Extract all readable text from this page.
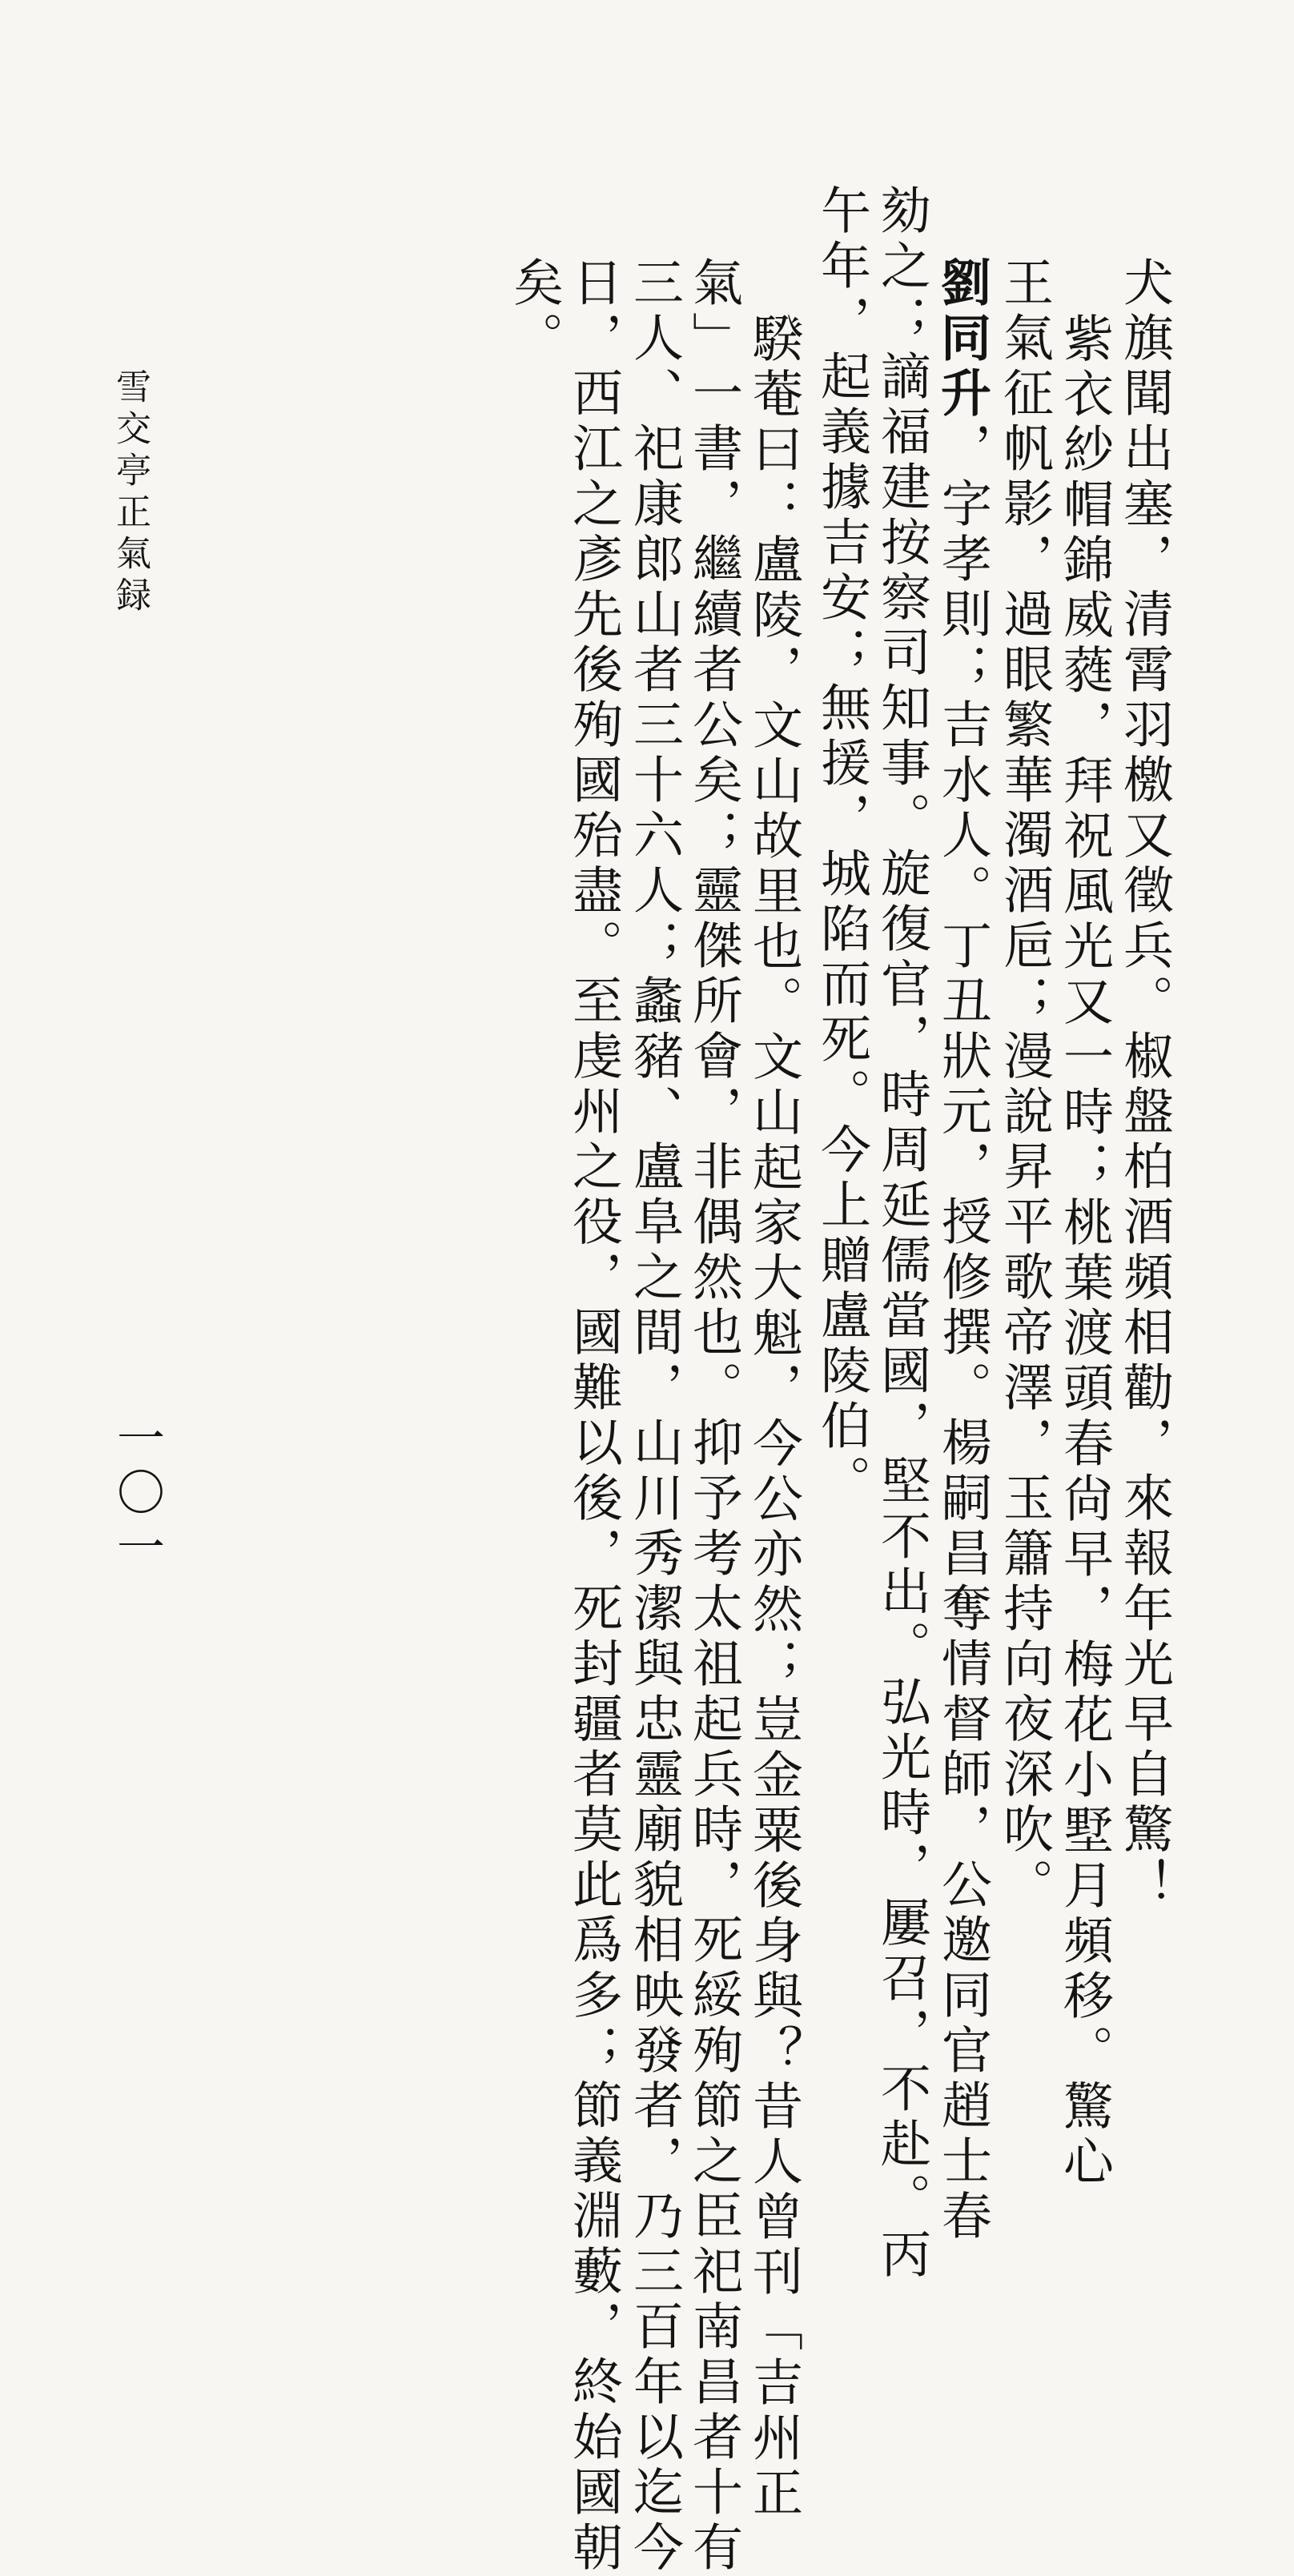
雪交亭正氣録
一〇一	犬旗聞出塞，清霄羽檄又徵兵。椒盤柏酒頻相勸，來報年光早自驚！
紫衣紗帽錦威蕤，拜祝風光又一時；桃葉渡頭春尙早，梅花小墅月頻移。驚心
王氣征帆影，過眼繁華濁酒巵；漫說昇平歌帝澤，玉簫持向夜深吹。
劉同升，字孝則；吉水人。丁丑狀元，授修撰。楊嗣昌奪情督師，公邀同官趙士春
劾之；謫福建按察司知事。旋復官，時周延儒當國，堅不出。弘光時，屢召，不赴。丙
午年，起義據吉安；無援，城陷而死。今上贈盧陵伯。
騤菴曰：盧陵，文山故里也。文山起家大魁，今公亦然；豈金粟後身與？昔人曾刊「吉州正
氣」一書，繼續者公矣；靈傑所會，非偶然也。抑予考太祖起兵時，死綏殉節之臣祀南昌者十有
三人、祀康郎山者三十六人；蠡豬、盧阜之間，山川秀潔與忠靈廟貌相映發者，乃三百年以迄今
日，西江之彥先後殉國殆盡。至虔州之役，國難以後，死封疆者莫此爲多；節義淵藪，終始國朝
矣。
